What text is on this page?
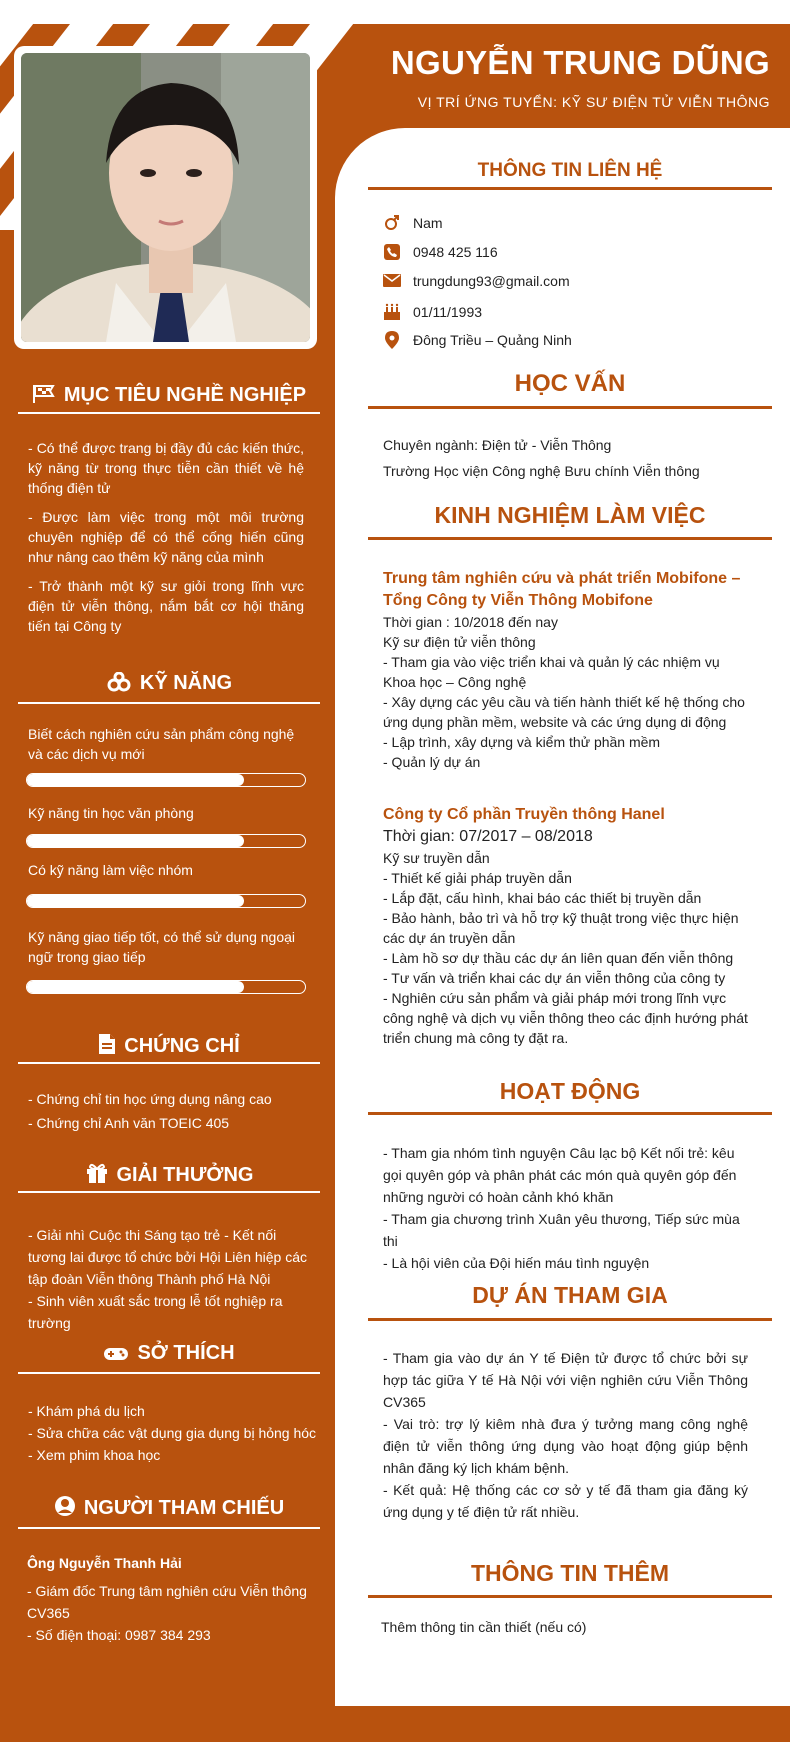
NGUYỄN TRUNG DŨNG
VỊ TRÍ ỨNG TUYỂN: KỸ SƯ ĐIỆN TỬ VIỄN THÔNG
MỤC TIÊU NGHỀ NGHIỆP

- Có thể được trang bị đầy đủ các kiến thức, kỹ năng từ trong thực tiễn cần thiết về hệ thống điện tử

- Được làm việc trong một môi trường chuyên nghiệp để có thể cống hiến cũng như nâng cao thêm kỹ năng của mình

- Trở thành một kỹ sư giỏi trong lĩnh vực điện tử viễn thông, nắm bắt cơ hội thăng tiến tại Công ty

KỸ NĂNG
Biết cách nghiên cứu sản phẩm công nghệ và các dịch vụ mới
Kỹ năng tin học văn phòng
Có kỹ năng làm việc nhóm
Kỹ năng giao tiếp tốt, có thể sử dụng ngoại ngữ trong giao tiếp
CHỨNG CHỈ

- Chứng chỉ tin học ứng dụng nâng cao

- Chứng chỉ Anh văn TOEIC 405

GIẢI THƯỞNG

- Giải nhì Cuộc thi Sáng tạo trẻ - Kết nối tương lai được tổ chức bởi Hội Liên hiệp các tập đoàn Viễn thông Thành phố Hà Nội

- Sinh viên xuất sắc trong lễ tốt nghiệp ra trường

SỞ THÍCH

- Khám phá du lịch

- Sửa chữa các vật dụng gia dụng bị hỏng hóc

- Xem phim khoa học

NGƯỜI THAM CHIẾU

Ông Nguyễn Thanh Hải

- Giám đốc Trung tâm nghiên cứu Viễn thông CV365

- Số điện thoại: 0987 384 293

THÔNG TIN LIÊN HỆ
Nam
0948 425 116
trungdung93@gmail.com
01/11/1993
Đông Triều – Quảng Ninh
HỌC VẤN

Chuyên ngành: Điện tử - Viễn Thông

Trường Học viện Công nghệ Bưu chính Viễn thông

KINH NGHIỆM LÀM VIỆC

Trung tâm nghiên cứu và phát triển Mobifone – Tổng Công ty Viễn Thông Mobifone

Thời gian : 10/2018 đến nay

Kỹ sư điện tử viễn thông

- Tham gia vào việc triển khai và quản lý các nhiệm vụ Khoa học – Công nghệ

- Xây dựng các yêu cầu và tiến hành thiết kế hệ thống cho ứng dụng phần mềm, website và các ứng dụng di động

- Lập trình, xây dựng và kiểm thử phần mềm

- Quản lý dự án

Công ty Cổ phần Truyền thông Hanel

Thời gian: 07/2017 – 08/2018

Kỹ sư truyền dẫn

- Thiết kế giải pháp truyền dẫn

- Lắp đặt, cấu hình, khai báo các thiết bị truyền dẫn

- Bảo hành, bảo trì và hỗ trợ kỹ thuật trong việc thực hiện các dự án truyền dẫn

- Làm hồ sơ dự thầu các dự án liên quan đến viễn thông

- Tư vấn và triển khai các dự án viễn thông của công ty

- Nghiên cứu sản phẩm và giải pháp mới trong lĩnh vực công nghệ và dịch vụ viễn thông theo các định hướng phát triển chung mà công ty đặt ra.

HOẠT ĐỘNG

- Tham gia nhóm tình nguyện Câu lạc bộ Kết nối trẻ: kêu gọi quyên góp và phân phát các món quà quyên góp đến những người có hoàn cảnh khó khăn

- Tham gia chương trình Xuân yêu thương, Tiếp sức mùa thi

- Là hội viên của Đội hiến máu tình nguyện

DỰ ÁN THAM GIA

- Tham gia vào dự án Y tế Điện tử được tổ chức bởi sự hợp tác giữa Y tế Hà Nội với viện nghiên cứu Viễn Thông CV365

- Vai trò: trợ lý kiêm nhà đưa ý tưởng mang công nghệ điện tử viễn thông ứng dụng vào hoạt động giúp bệnh nhân đăng ký lịch khám bệnh.

- Kết quả: Hệ thống các cơ sở y tế đã tham gia đăng ký ứng dụng y tế điện tử rất nhiều.

THÔNG TIN THÊM
Thêm thông tin cần thiết (nếu có)
